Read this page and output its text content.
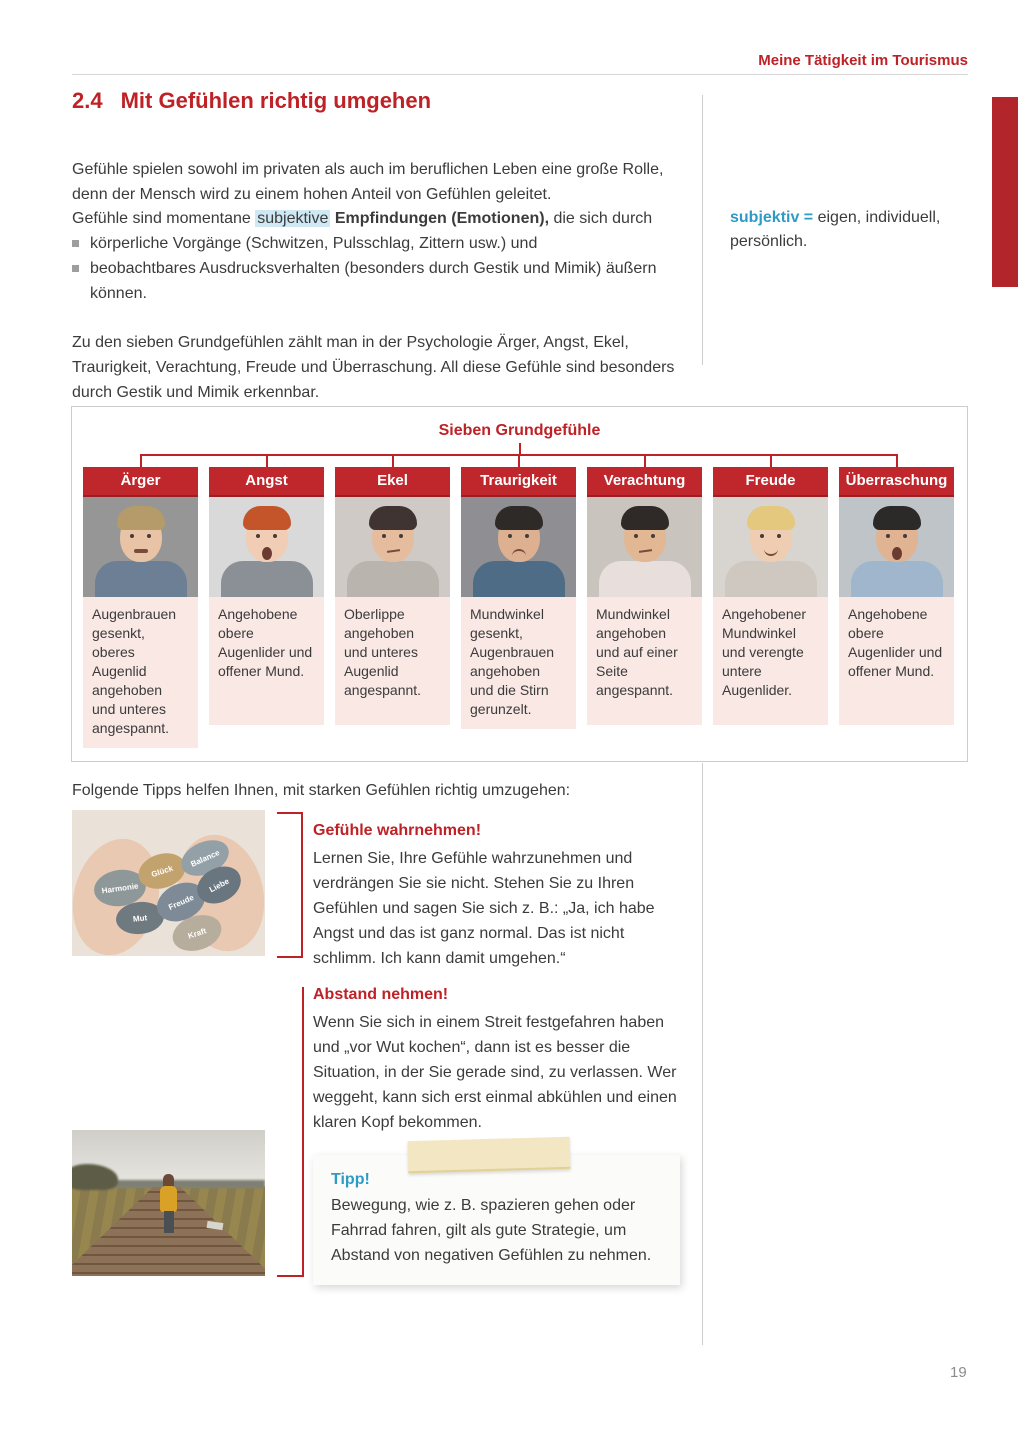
Meine Tätigkeit im Tourismus
2.4 Mit Gefühlen richtig umgehen

Gefühle spielen sowohl im privaten als auch im beruflichen Leben eine große Rolle, denn der Mensch wird zu einem hohen Anteil von Gefühlen geleitet.

Gefühle sind momentane subjektive Empfindungen (Emotionen), die sich durch
körperliche Vorgänge (Schwitzen, Pulsschlag, Zittern usw.) und
beobachtbares Ausdrucksverhalten (besonders durch Gestik und Mimik) äußern können.
subjektiv = eigen, individuell, persönlich.

Zu den sieben Grundgefühlen zählt man in der Psychologie Ärger, Angst, Ekel, Traurigkeit, Verachtung, Freude und Überraschung. All diese Gefühle sind besonders durch Gestik und Mimik erkennbar.

Sieben Grundgefühle
Ärger
Augenbrauen gesenkt, oberes Augenlid angehoben und unteres angespannt.
Angst
Angehobene obere Augenlider und offener Mund.
Ekel
Oberlippe angehoben und unteres Augenlid angespannt.
Traurigkeit
Mundwinkel gesenkt, Augenbrauen angehoben und die Stirn gerunzelt.
Verachtung
Mundwinkel angehoben und auf einer Seite angespannt.
Freude
Angehobener Mundwinkel und verengte untere Augenlider.
Überraschung
Angehobene obere Augenlider und offener Mund.

Folgende Tipps helfen Ihnen, mit starken Gefühlen richtig umzugehen:

Harmonie
Glück
Balance
Mut
Freude
Liebe
Kraft

Gefühle wahrnehmen!

Lernen Sie, Ihre Gefühle wahrzunehmen und verdrängen Sie sie nicht. Stehen Sie zu Ihren Gefühlen und sagen Sie sich z. B.: „Ja, ich habe Angst und das ist ganz normal. Das ist nicht schlimm. Ich kann damit umgehen.“

Abstand nehmen!

Wenn Sie sich in einem Streit festgefahren haben und „vor Wut kochen“, dann ist es besser die Situation, in der Sie gerade sind, zu verlassen. Wer weggeht, kann sich erst einmal abkühlen und einen klaren Kopf bekommen.
Tipp!
Bewegung, wie z. B. spazieren gehen oder Fahrrad fahren, gilt als gute Strategie, um Abstand von negativen Gefühlen zu nehmen.
19
